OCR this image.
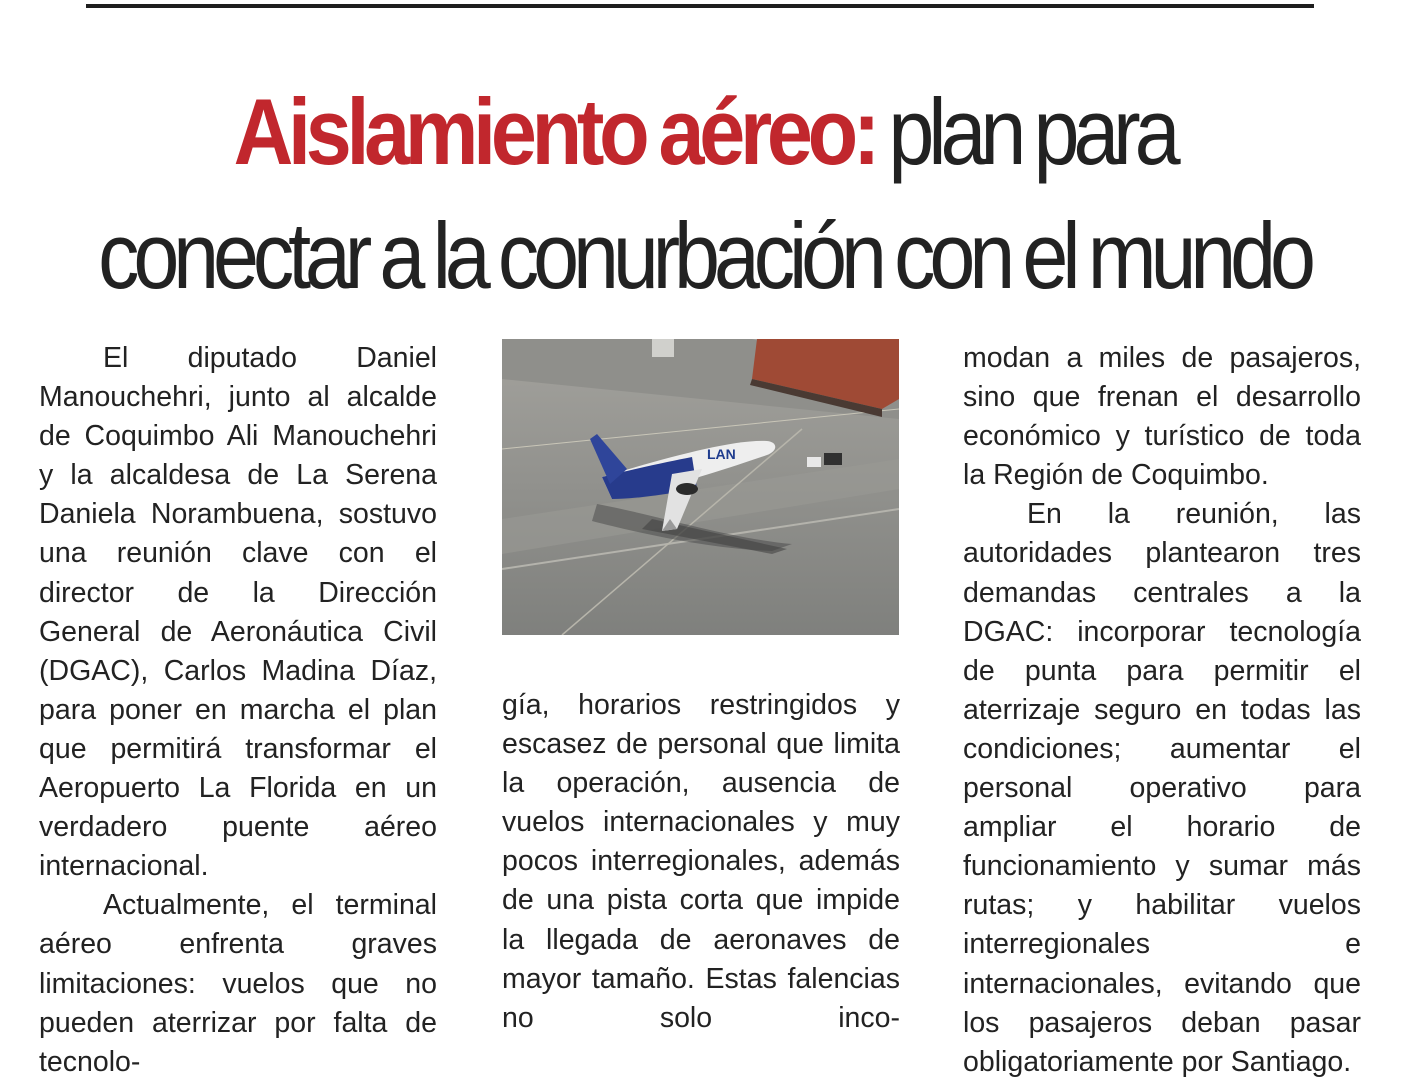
Aislamiento aéreo: plan para
conectar a la conurbación con el mundo

El diputado Daniel Manouchehri, junto al alcalde de Coquimbo Ali Manouchehri y la alcaldesa de La Serena Daniela Norambuena, sostuvo una reunión clave con el director de la Dirección General de Aeronáutica Civil (DGAC), Carlos Madina Díaz, para poner en marcha el plan que permitirá transformar el Aeropuerto La Florida en un verdadero puente aéreo internacional.

Actualmente, el terminal aéreo enfrenta graves limitaciones: vuelos que no pueden aterrizar por falta de tecnolo-

LAN

gía, horarios restringidos y escasez de personal que limita la operación, ausencia de vuelos internacionales y muy pocos interregionales, además de una pista corta que impide la llegada de aeronaves de mayor tamaño. Estas falencias no solo inco-

modan a miles de pasajeros, sino que frenan el desarrollo económico y turístico de toda la Región de Coquimbo.

En la reunión, las autoridades plantearon tres demandas centrales a la DGAC: incorporar tecnología de punta para permitir el aterrizaje seguro en todas las condiciones; aumentar el personal operativo para ampliar el horario de funcionamiento y sumar más rutas; y habilitar vuelos interregionales e internacionales, evitando que los pasajeros deban pasar obligatoriamente por Santiago.
